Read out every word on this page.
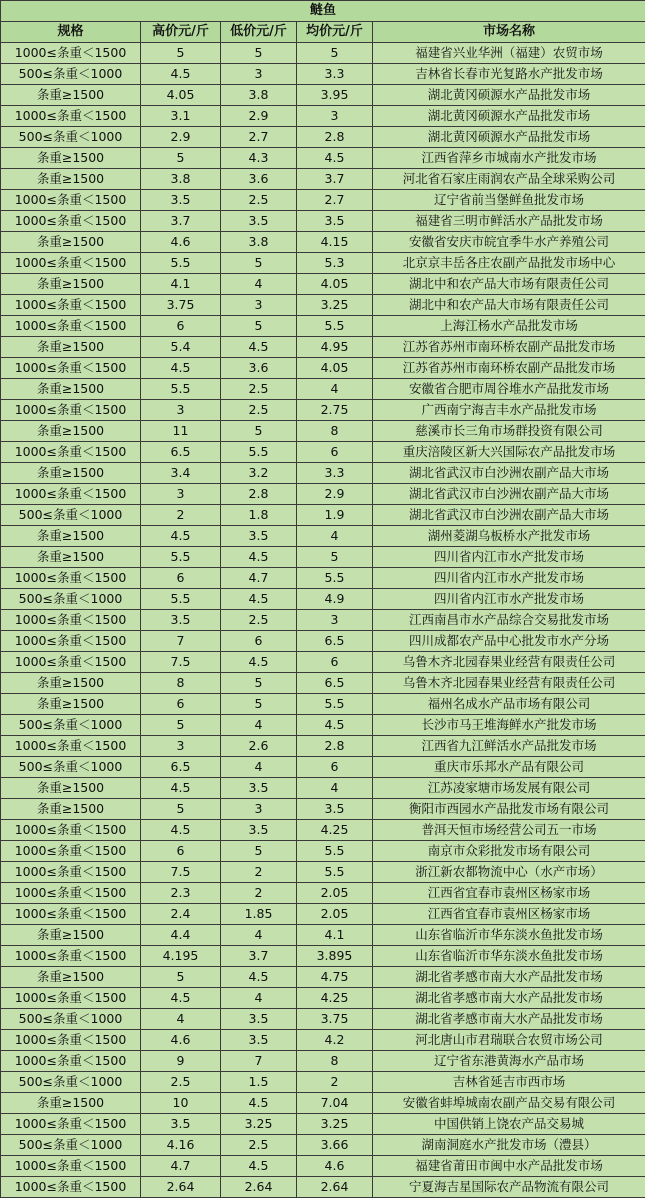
鲢鱼				
规格	高价元/斤	低价元/斤	均价元/斤	市场名称
1000≤条重＜1500	5	5	5	福建省兴业华洲（福建）农贸市场
500≤条重＜1000	4.5	3	3.3	吉林省长春市光复路水产批发市场
条重≥1500	4.05	3.8	3.95	湖北黄冈硕源水产品批发市场
1000≤条重＜1500	3.1	2.9	3	湖北黄冈硕源水产品批发市场
500≤条重＜1000	2.9	2.7	2.8	湖北黄冈硕源水产品批发市场
条重≥1500	5	4.3	4.5	江西省萍乡市城南水产批发市场
条重≥1500	3.8	3.6	3.7	河北省石家庄雨润农产品全球采购公司
1000≤条重＜1500	3.5	2.5	2.7	辽宁省前当堡鲜鱼批发市场
1000≤条重＜1500	3.7	3.5	3.5	福建省三明市鲜活水产品批发市场
条重≥1500	4.6	3.8	4.15	安徽省安庆市皖宜季牛水产养殖公司
1000≤条重＜1500	5.5	5	5.3	北京京丰岳各庄农副产品批发市场中心
条重≥1500	4.1	4	4.05	湖北中和农产品大市场有限责任公司
1000≤条重＜1500	3.75	3	3.25	湖北中和农产品大市场有限责任公司
1000≤条重＜1500	6	5	5.5	上海江杨水产品批发市场
条重≥1500	5.4	4.5	4.95	江苏省苏州市南环桥农副产品批发市场
1000≤条重＜1500	4.5	3.6	4.05	江苏省苏州市南环桥农副产品批发市场
条重≥1500	5.5	2.5	4	安徽省合肥市周谷堆水产品批发市场
1000≤条重＜1500	3	2.5	2.75	广西南宁海吉丰水产品批发市场
条重≥1500	11	5	8	慈溪市长三角市场群投资有限公司
1000≤条重＜1500	6.5	5.5	6	重庆涪陵区新大兴国际农产品批发市场
条重≥1500	3.4	3.2	3.3	湖北省武汉市白沙洲农副产品大市场
1000≤条重＜1500	3	2.8	2.9	湖北省武汉市白沙洲农副产品大市场
500≤条重＜1000	2	1.8	1.9	湖北省武汉市白沙洲农副产品大市场
条重≥1500	4.5	3.5	4	湖州菱湖乌板桥水产批发市场
条重≥1500	5.5	4.5	5	四川省内江市水产批发市场
1000≤条重＜1500	6	4.7	5.5	四川省内江市水产批发市场
500≤条重＜1000	5.5	4.5	4.9	四川省内江市水产批发市场
1000≤条重＜1500	3.5	2.5	3	江西南昌市水产品综合交易批发市场
1000≤条重＜1500	7	6	6.5	四川成都农产品中心批发市水产分场
1000≤条重＜1500	7.5	4.5	6	乌鲁木齐北园春果业经营有限责任公司
条重≥1500	8	5	6.5	乌鲁木齐北园春果业经营有限责任公司
条重≥1500	6	5	5.5	福州名成水产品市场有限公司
500≤条重＜1000	5	4	4.5	长沙市马王堆海鲜水产批发市场
1000≤条重＜1500	3	2.6	2.8	江西省九江鲜活水产品批发市场
500≤条重＜1000	6.5	4	6	重庆市乐邦水产品有限公司
条重≥1500	4.5	3.5	4	江苏凌家塘市场发展有限公司
条重≥1500	5	3	3.5	衡阳市西园水产品批发市场有限公司
1000≤条重＜1500	4.5	3.5	4.25	普洱天恒市场经营公司五一市场
1000≤条重＜1500	6	5	5.5	南京市众彩批发市场有限公司
1000≤条重＜1500	7.5	2	5.5	浙江新农都物流中心（水产市场）
1000≤条重＜1500	2.3	2	2.05	江西省宜春市袁州区杨家市场
1000≤条重＜1500	2.4	1.85	2.05	江西省宜春市袁州区杨家市场
条重≥1500	4.4	4	4.1	山东省临沂市华东淡水鱼批发市场
1000≤条重＜1500	4.195	3.7	3.895	山东省临沂市华东淡水鱼批发市场
条重≥1500	5	4.5	4.75	湖北省孝感市南大水产品批发市场
1000≤条重＜1500	4.5	4	4.25	湖北省孝感市南大水产品批发市场
500≤条重＜1000	4	3.5	3.75	湖北省孝感市南大水产品批发市场
1000≤条重＜1500	4.6	3.5	4.2	河北唐山市君瑞联合农贸市场公司
1000≤条重＜1500	9	7	8	辽宁省东港黄海水产品市场
500≤条重＜1000	2.5	1.5	2	吉林省延吉市西市场
条重≥1500	10	4.5	7.04	安徽省蚌埠城南农副产品交易有限公司
1000≤条重＜1500	3.5	3.25	3.25	中国供销上饶农产品交易城
500≤条重＜1000	4.16	2.5	3.66	湖南洞庭水产批发市场（澧县）
1000≤条重＜1500	4.7	4.5	4.6	福建省莆田市闽中水产品批发市场
1000≤条重＜1500	2.64	2.64	2.64	宁夏海吉星国际农产品物流有限公司
